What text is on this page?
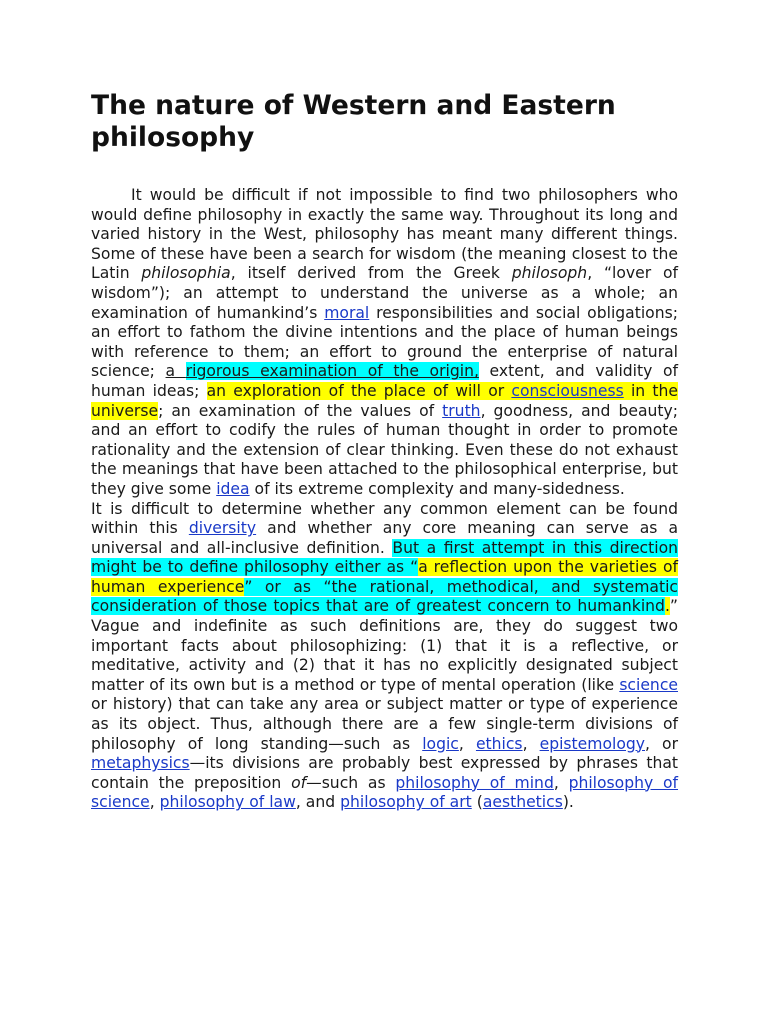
The nature of Western and Eastern philosophy

It would be difficult if not impossible to find two philosophers who would define philosophy in exactly the same way. Throughout its long and varied history in the West, philosophy has meant many different things. Some of these have been a search for wisdom (the meaning closest to the Latin philosophia, itself derived from the Greek philosoph, “lover of wisdom”); an attempt to understand the universe as a whole; an examination of humankind’s moral responsibilities and social obligations; an effort to fathom the divine intentions and the place of human beings with reference to them; an effort to ground the enterprise of natural science; a rigorous examination of the origin, extent, and validity of human ideas; an exploration of the place of will or consciousness in the universe; an examination of the values of truth, goodness, and beauty; and an effort to codify the rules of human thought in order to promote rationality and the extension of clear thinking. Even these do not exhaust the meanings that have been attached to the philosophical enterprise, but they give some idea of its extreme complexity and many-sidedness.

It is difficult to determine whether any common element can be found within this diversity and whether any core meaning can serve as a universal and all-inclusive definition. But a first attempt in this direction might be to define philosophy either as “a reflection upon the varieties of human experience” or as “the rational, methodical, and systematic consideration of those topics that are of greatest concern to humankind.” Vague and indefinite as such definitions are, they do suggest two important facts about philosophizing: (1) that it is a reflective, or meditative, activity and (2) that it has no explicitly designated subject matter of its own but is a method or type of mental operation (like science or history) that can take any area or subject matter or type of experience as its object. Thus, although there are a few single-term divisions of philosophy of long standing—such as logic, ethics, epistemology, or metaphysics—its divisions are probably best expressed by phrases that contain the preposition of—such as philosophy of mind, philosophy of science, philosophy of law, and philosophy of art (aesthetics).
